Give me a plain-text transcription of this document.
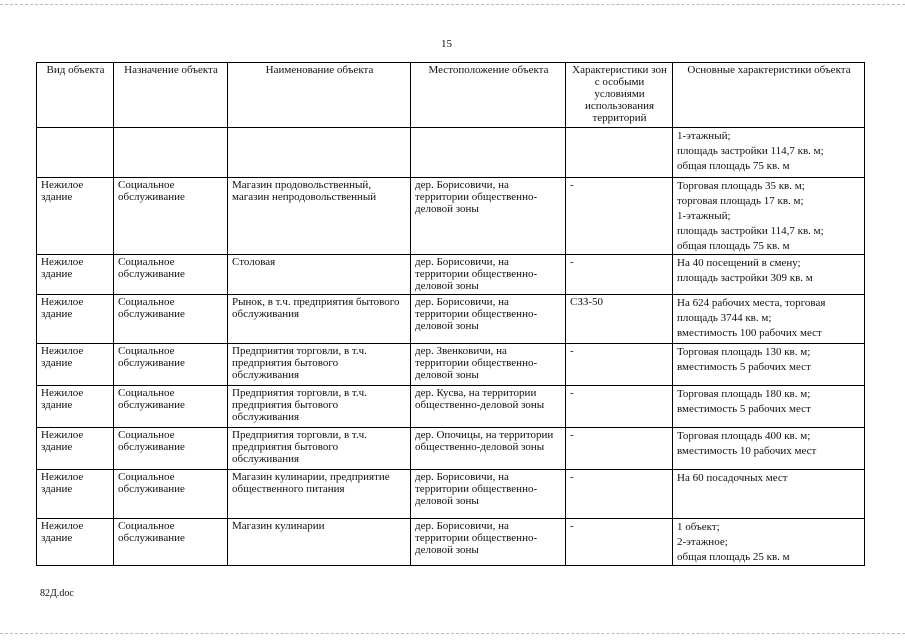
15
Вид объекта	Назначение объекта	Наименование объекта	Местоположение объекта	Характеристики зон с особыми условиями использования территорий	Основные характеристики объекта

					1-этажный;
площадь застройки 114,7 кв. м;
общая площадь 75 кв. м

Нежилое здание	Социальное обслуживание	Магазин продовольственный, магазин непродовольственный	дер. Борисовичи, на территории общественно-деловой зоны	-	Торговая площадь 35 кв. м;
торговая площадь 17 кв. м;
1-этажный;
площадь застройки 114,7 кв. м;
общая площадь 75 кв. м

Нежилое здание	Социальное обслуживание	Столовая	дер. Борисовичи, на территории общественно-деловой зоны	-	На 40 посещений в смену;
площадь застройки 309 кв. м

Нежилое здание	Социальное обслуживание	Рынок, в т.ч. предприятия бытового обслуживания	дер. Борисовичи, на территории общественно-деловой зоны	СЗЗ-50	На 624 рабочих места, торговая площадь 3744 кв. м;
вместимость 100 рабочих мест

Нежилое здание	Социальное обслуживание	Предприятия торговли, в т.ч. предприятия бытового обслуживания	дер. Звенковичи, на территории общественно-деловой зоны	-	Торговая площадь 130 кв. м;
вместимость 5 рабочих мест

Нежилое здание	Социальное обслуживание	Предприятия торговли, в т.ч. предприятия бытового обслуживания	дер. Кусва, на территории общественно-деловой зоны	-	Торговая площадь 180 кв. м;
вместимость 5 рабочих мест

Нежилое здание	Социальное обслуживание	Предприятия торговли, в т.ч. предприятия бытового обслуживания	дер. Опочицы, на территории общественно-деловой зоны	-	Торговая площадь 400 кв. м;
вместимость 10 рабочих мест

Нежилое здание	Социальное обслуживание	Магазин кулинарии, предприятие общественного питания	дер. Борисовичи, на территории общественно-деловой зоны	-	На 60 посадочных мест

Нежилое здание	Социальное обслуживание	Магазин кулинарии	дер. Борисовичи, на территории общественно-деловой зоны	-	1 объект;
2-этажное;
общая площадь 25 кв. м
82Д.doc
